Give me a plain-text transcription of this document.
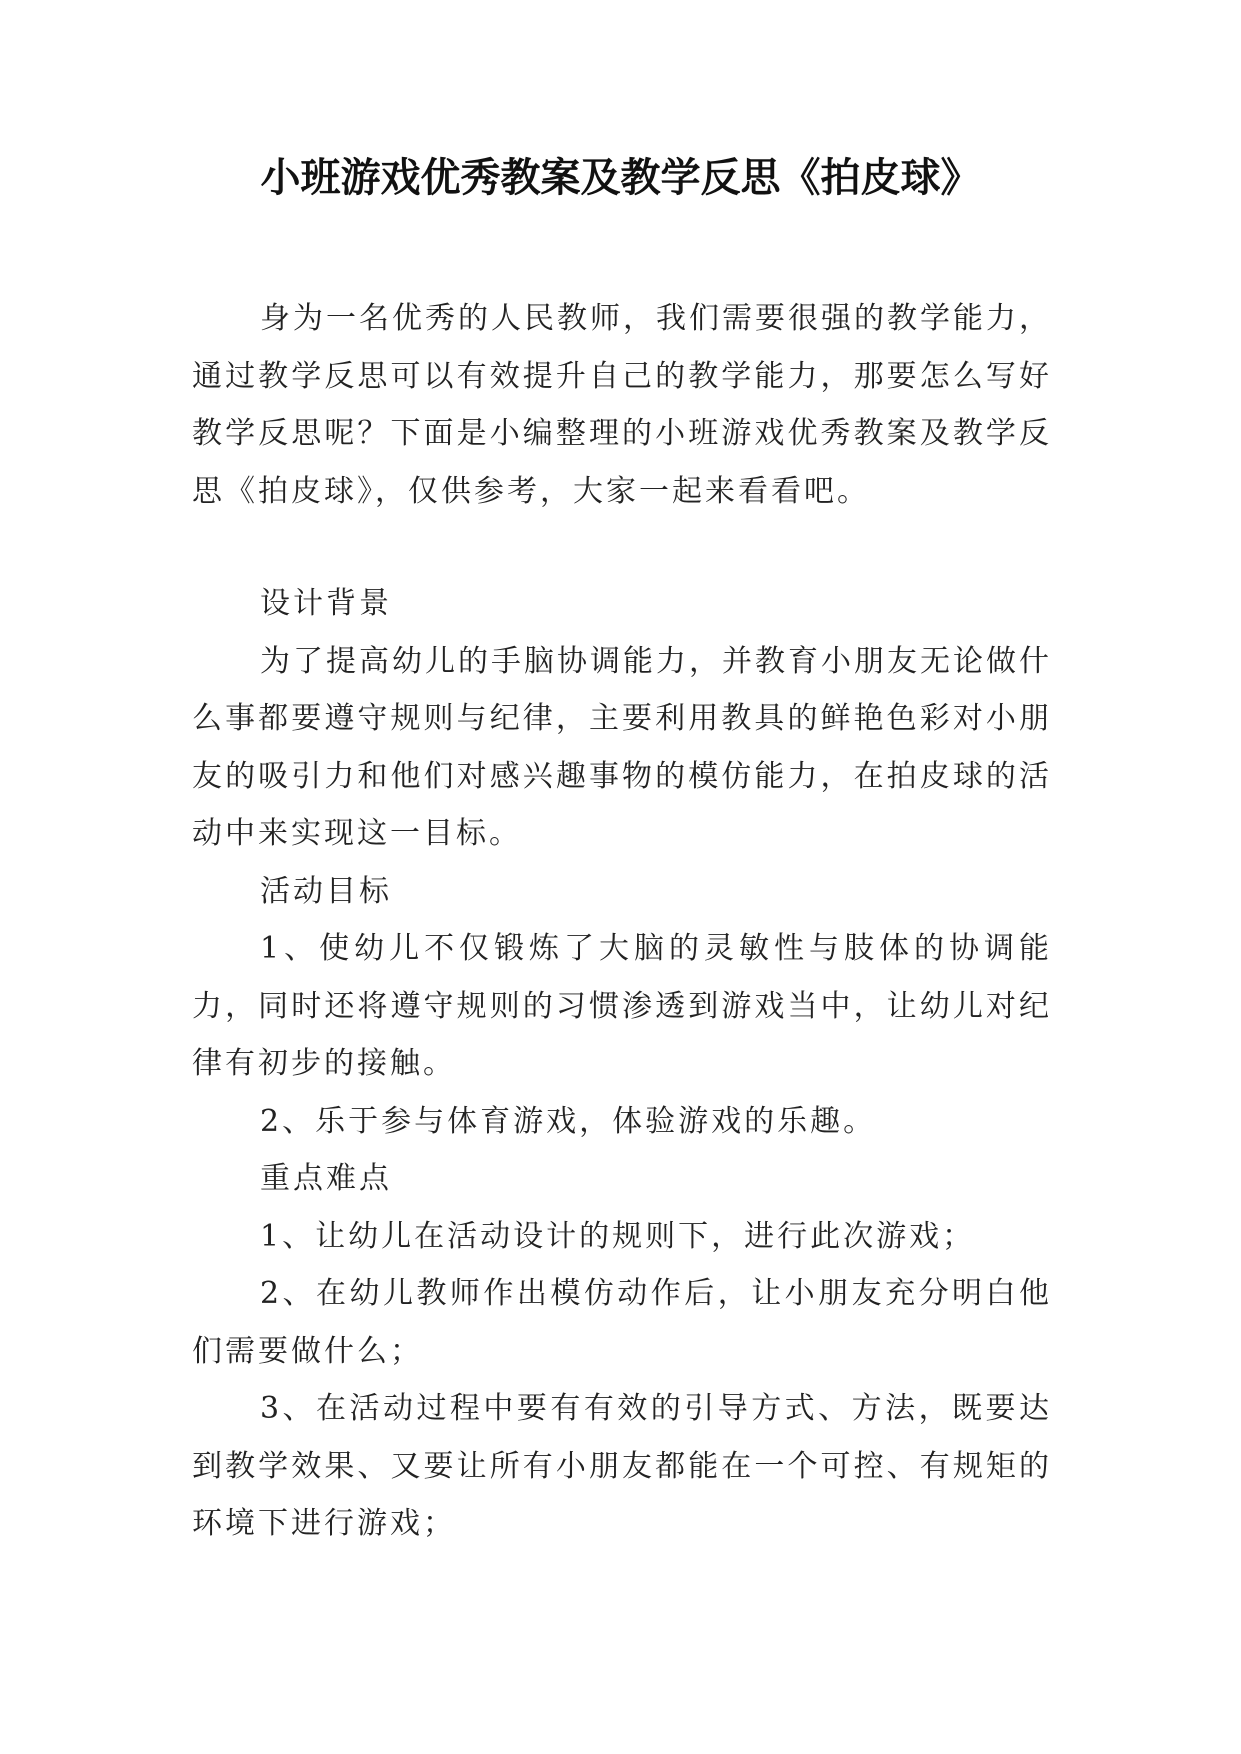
小班游戏优秀教案及教学反思《拍皮球》

身为一名优秀的人民教师，我们需要很强的教学能力，通过教学反思可以有效提升自己的教学能力，那要怎么写好教学反思呢？下面是小编整理的小班游戏优秀教案及教学反思《拍皮球》，仅供参考，大家一起来看看吧。

设计背景

为了提高幼儿的手脑协调能力，并教育小朋友无论做什么事都要遵守规则与纪律，主要利用教具的鲜艳色彩对小朋友的吸引力和他们对感兴趣事物的模仿能力，在拍皮球的活动中来实现这一目标。

活动目标

1、使幼儿不仅锻炼了大脑的灵敏性与肢体的协调能力，同时还将遵守规则的习惯渗透到游戏当中，让幼儿对纪律有初步的接触。

2、乐于参与体育游戏，体验游戏的乐趣。

重点难点

1、让幼儿在活动设计的规则下，进行此次游戏；

2、在幼儿教师作出模仿动作后，让小朋友充分明白他们需要做什么；

3、在活动过程中要有有效的引导方式、方法，既要达到教学效果、又要让所有小朋友都能在一个可控、有规矩的环境下进行游戏；
